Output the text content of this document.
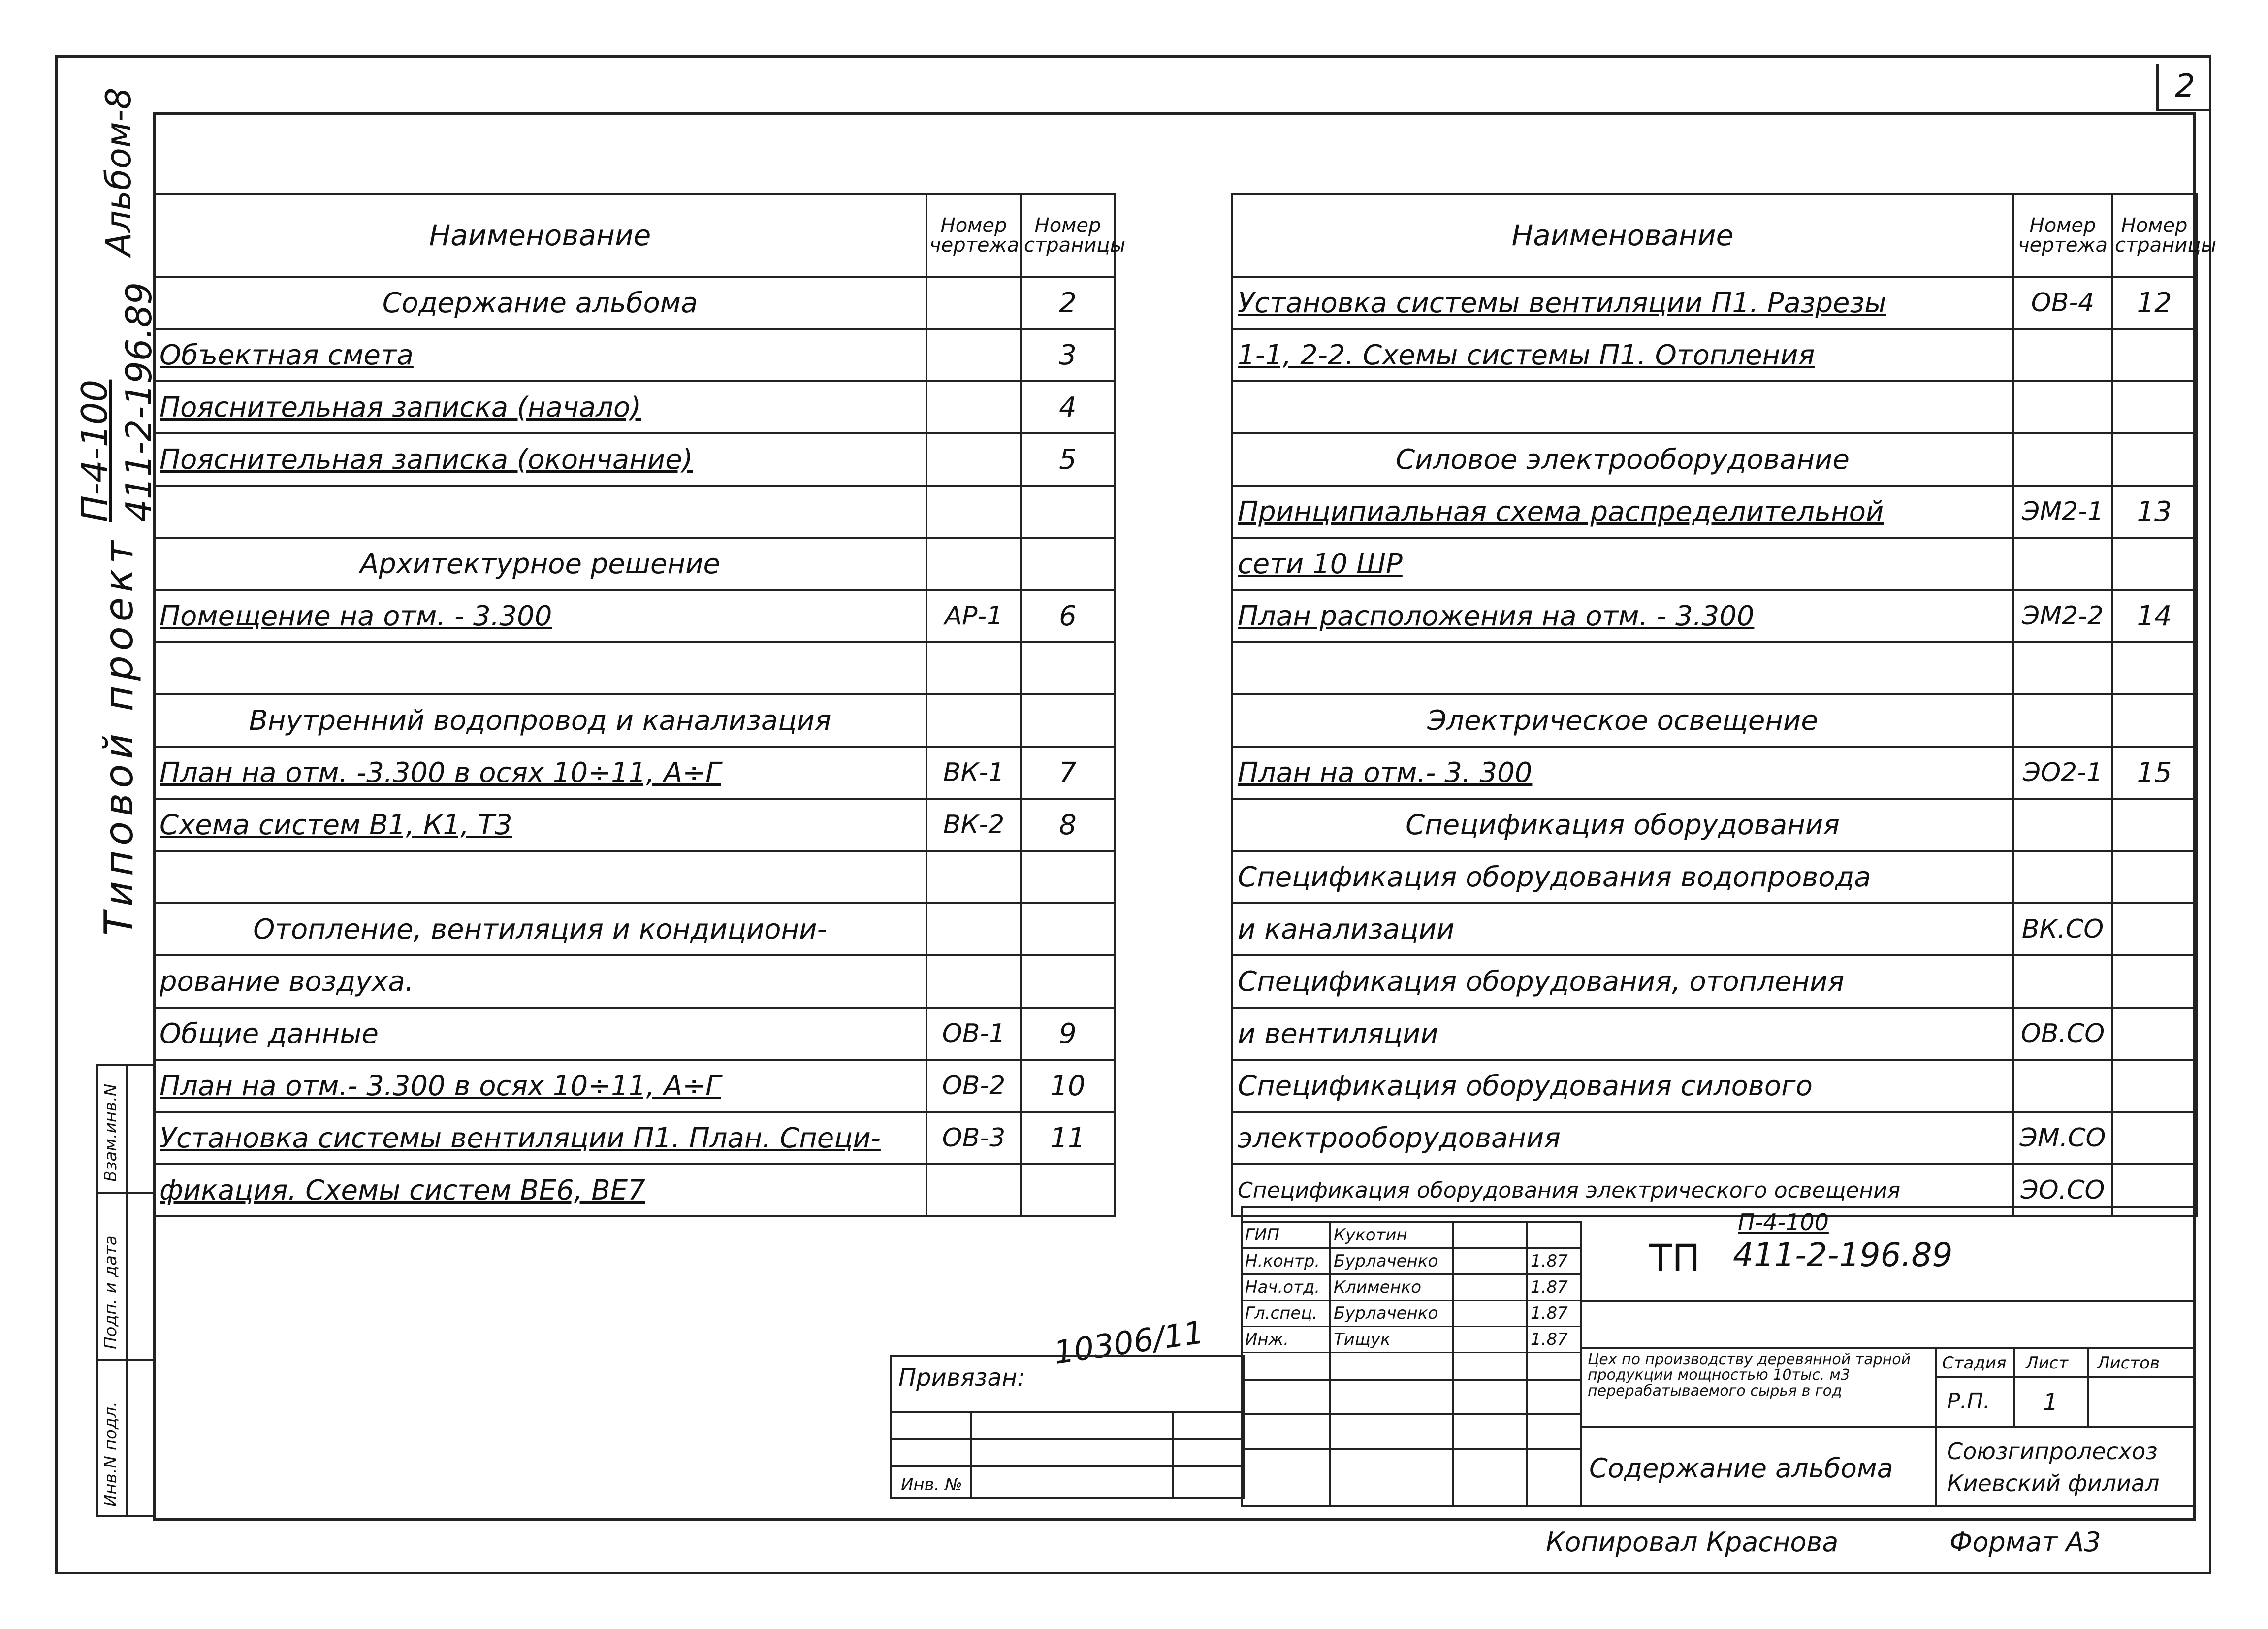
2
Альбом-8
Типовой проект
П-4-100 411-2-196.89
Инв.N подл.
Подп. и дата
Взам.инв.N
Наименование	Номер чертежа	Номер страницы
Содержание альбома		2
Объектная смета		3
Пояснительная записка (начало)		4
Пояснительная записка (окончание)		5

Архитектурное решение		
Помещение на отм. - 3.300	АР-1	6

Внутренний водопровод и канализация		
План на отм. -3.300 в осях 10÷11, А÷Г	ВК-1	7
Схема систем В1, К1, Т3	ВК-2	8

Отопление, вентиляция и кондициони-		
рование воздуха.		
Общие данные	ОВ-1	9
План на отм.- 3.300 в осях 10÷11, А÷Г	ОВ-2	10
Установка системы вентиляции П1. План. Специ-	ОВ-3	11
фикация. Схемы систем ВЕ6, ВЕ7		
Наименование	Номер чертежа	Номер страницы
Установка системы вентиляции П1. Разрезы	ОВ-4	12
1-1, 2-2. Схемы системы П1. Отопления		

Силовое электрооборудование		
Принципиальная схема распределительной	ЭМ2-1	13
сети 10 ШР		
План расположения на отм. - 3.300	ЭМ2-2	14

Электрическое освещение		
План на отм.- 3. 300	ЭО2-1	15
Спецификация оборудования		
Спецификация оборудования водопровода		
и канализации	ВК.СО	
Спецификация оборудования, отопления		
и вентиляции	ОВ.СО	
Спецификация оборудования силового		
электрооборудования	ЭМ.СО	
Спецификация оборудования электрического освещения	ЭО.СО	
10306/11
Привязан:
Инв. №
ГИП	Кукотин		
Н.контр.	Бурлаченко		1.87
Нач.отд.	Клименко		1.87
Гл.спец.	Бурлаченко		1.87
Инж.	Тищук		1.87
П-4-100
ТП 411-2-196.89
Цех по производству деревянной тарной продукции мощностью 10тыс. м3 перерабатываемого сырья в год
Стадия Лист Листов
Р.П. 1
Содержание альбома
Союзгипролесхоз
Киевский филиал
Копировал Краснова	Формат А3
